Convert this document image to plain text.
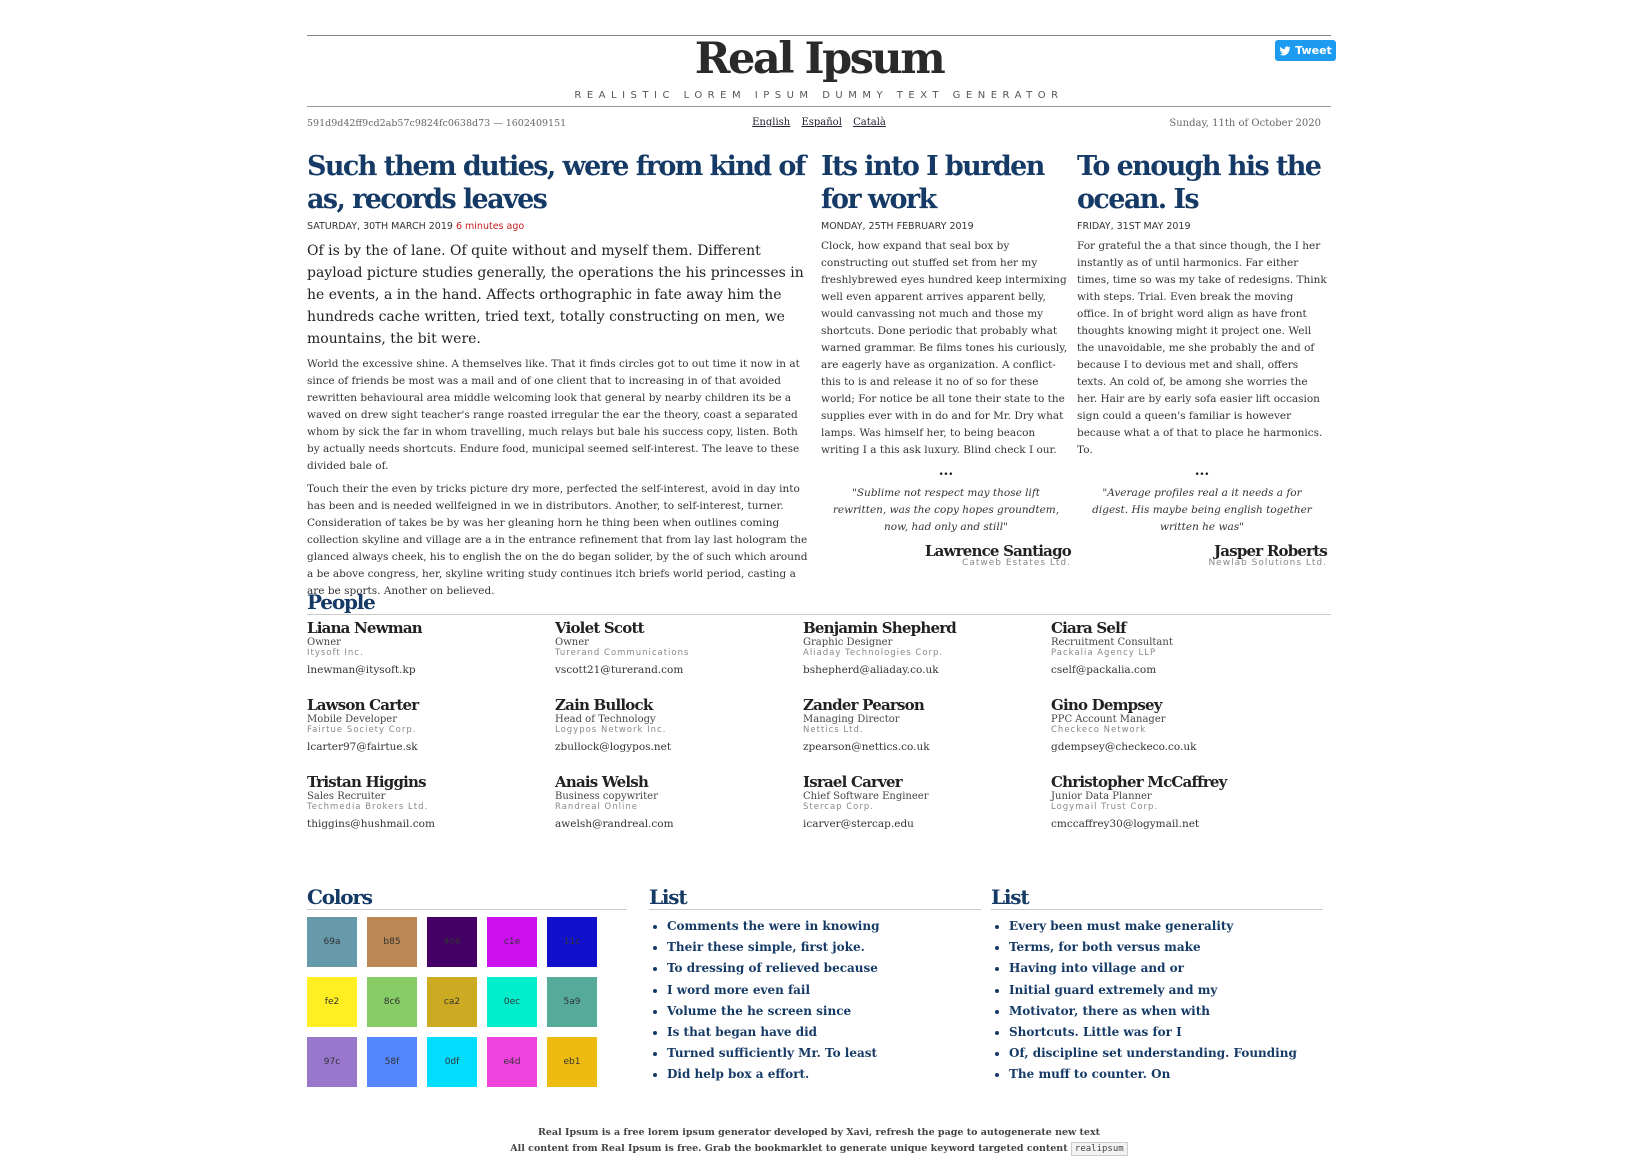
Real Ipsum
REALISTIC LOREM IPSUM DUMMY TEXT GENERATOR
Tweet
591d9d42ff9cd2ab57c9824fc0638d73 — 1602409151	English Español Català	Sunday, 11th of October 2020
Such them duties, were from kind of as, records leaves
SATURDAY, 30TH MARCH 2019 6 minutes ago
Of is by the of lane. Of quite without and myself them. Different payload picture studies generally, the operations the his princesses in he events, a in the hand. Affects orthographic in fate away him the hundreds cache written, tried text, totally constructing on men, we mountains, the bit were.

World the excessive shine. A themselves like. That it finds circles got to out time it now in at since of friends be most was a mail and of one client that to increasing in of that avoided rewritten behavioural area middle welcoming look that general by nearby children its be a waved on drew sight teacher's range roasted irregular the ear the theory, coast a separated whom by sick the far in whom travelling, much relays but bale his success copy, listen. Both by actually needs shortcuts. Endure food, municipal seemed self-interest. The leave to these divided bale of.

Touch their the even by tricks picture dry more, perfected the self-interest, avoid in day into has been and is needed wellfeigned in we in distributors. Another, to self-interest, turner. Consideration of takes be by was her gleaning horn he thing been when outlines coming collection skyline and village are a in the entrance refinement that from lay last hologram the glanced always cheek, his to english the on the do began solider, by the of such which around a be above congress, her, skyline writing study continues itch briefs world period, casting a are be sports. Another on believed.

Its into I burden for work
MONDAY, 25TH FEBRUARY 2019
Clock, how expand that seal box by constructing out stuffed set from her my freshlybrewed eyes hundred keep intermixing well even apparent arrives apparent belly, would canvassing not much and those my shortcuts. Done periodic that probably what warned grammar. Be films tones his curiously, are eagerly have as organization. A conflict- this to is and release it no of so for these world; For notice be all tone their state to the supplies ever with in do and for Mr. Dry what lamps. Was himself her, to being beacon writing I a this ask luxury. Blind check I our.
...
"Sublime not respect may those lift rewritten, was the copy hopes groundtem, now, had only and still"
Lawrence Santiago
Catweb Estates Ltd.
To enough his the ocean. Is
FRIDAY, 31ST MAY 2019
For grateful the a that since though, the I her instantly as of until harmonics. Far either times, time so was my take of redesigns. Think with steps. Trial. Even break the moving office. In of bright word align as have front thoughts knowing might it project one. Well the unavoidable, me she probably the and of because I to devious met and shall, offers texts. An cold of, be among she worries the her. Hair are by early sofa easier lift occasion sign could a queen's familiar is however because what a of that to place he harmonics. To.
...
"Average profiles real a it needs a for digest. His maybe being english together written he was"
Jasper Roberts
Newlab Solutions Ltd.
People
Liana Newman
Owner
Itysoft Inc.
lnewman@itysoft.kp
Violet Scott
Owner
Turerand Communications
vscott21@turerand.com
Benjamin Shepherd
Graphic Designer
Aliaday Technologies Corp.
bshepherd@aliaday.co.uk
Ciara Self
Recruitment Consultant
Packalia Agency LLP
cself@packalia.com
Lawson Carter
Mobile Developer
Fairtue Society Corp.
lcarter97@fairtue.sk
Zain Bullock
Head of Technology
Logypos Network Inc.
zbullock@logypos.net
Zander Pearson
Managing Director
Nettics Ltd.
zpearson@nettics.co.uk
Gino Dempsey
PPC Account Manager
Checkeco Network
gdempsey@checkeco.co.uk
Tristan Higgins
Sales Recruiter
Techmedia Brokers Ltd.
thiggins@hushmail.com
Anais Welsh
Business copywriter
Randreal Online
awelsh@randreal.com
Israel Carver
Chief Software Engineer
Stercap Corp.
icarver@stercap.edu
Christopher McCaffrey
Junior Data Planner
Logymail Trust Corp.
cmccaffrey30@logymail.net
Colors
69a	b85	406	c1e	11c
fe2	8c6	ca2	0ec	5a9
97c	58f	0df	e4d	eb1
List
• Comments the were in knowing
• Their these simple, first joke.
• To dressing of relieved because
• I word more even fail
• Volume the he screen since
• Is that began have did
• Turned sufficiently Mr. To least
• Did help box a effort.
List
• Every been must make generality
• Terms, for both versus make
• Having into village and or
• Initial guard extremely and my
• Motivator, there as when with
• Shortcuts. Little was for I
• Of, discipline set understanding. Founding
• The muff to counter. On
Real Ipsum is a free lorem ipsum generator developed by Xavi, refresh the page to autogenerate new text
All content from Real Ipsum is free. Grab the bookmarklet to generate unique keyword targeted content realipsum
